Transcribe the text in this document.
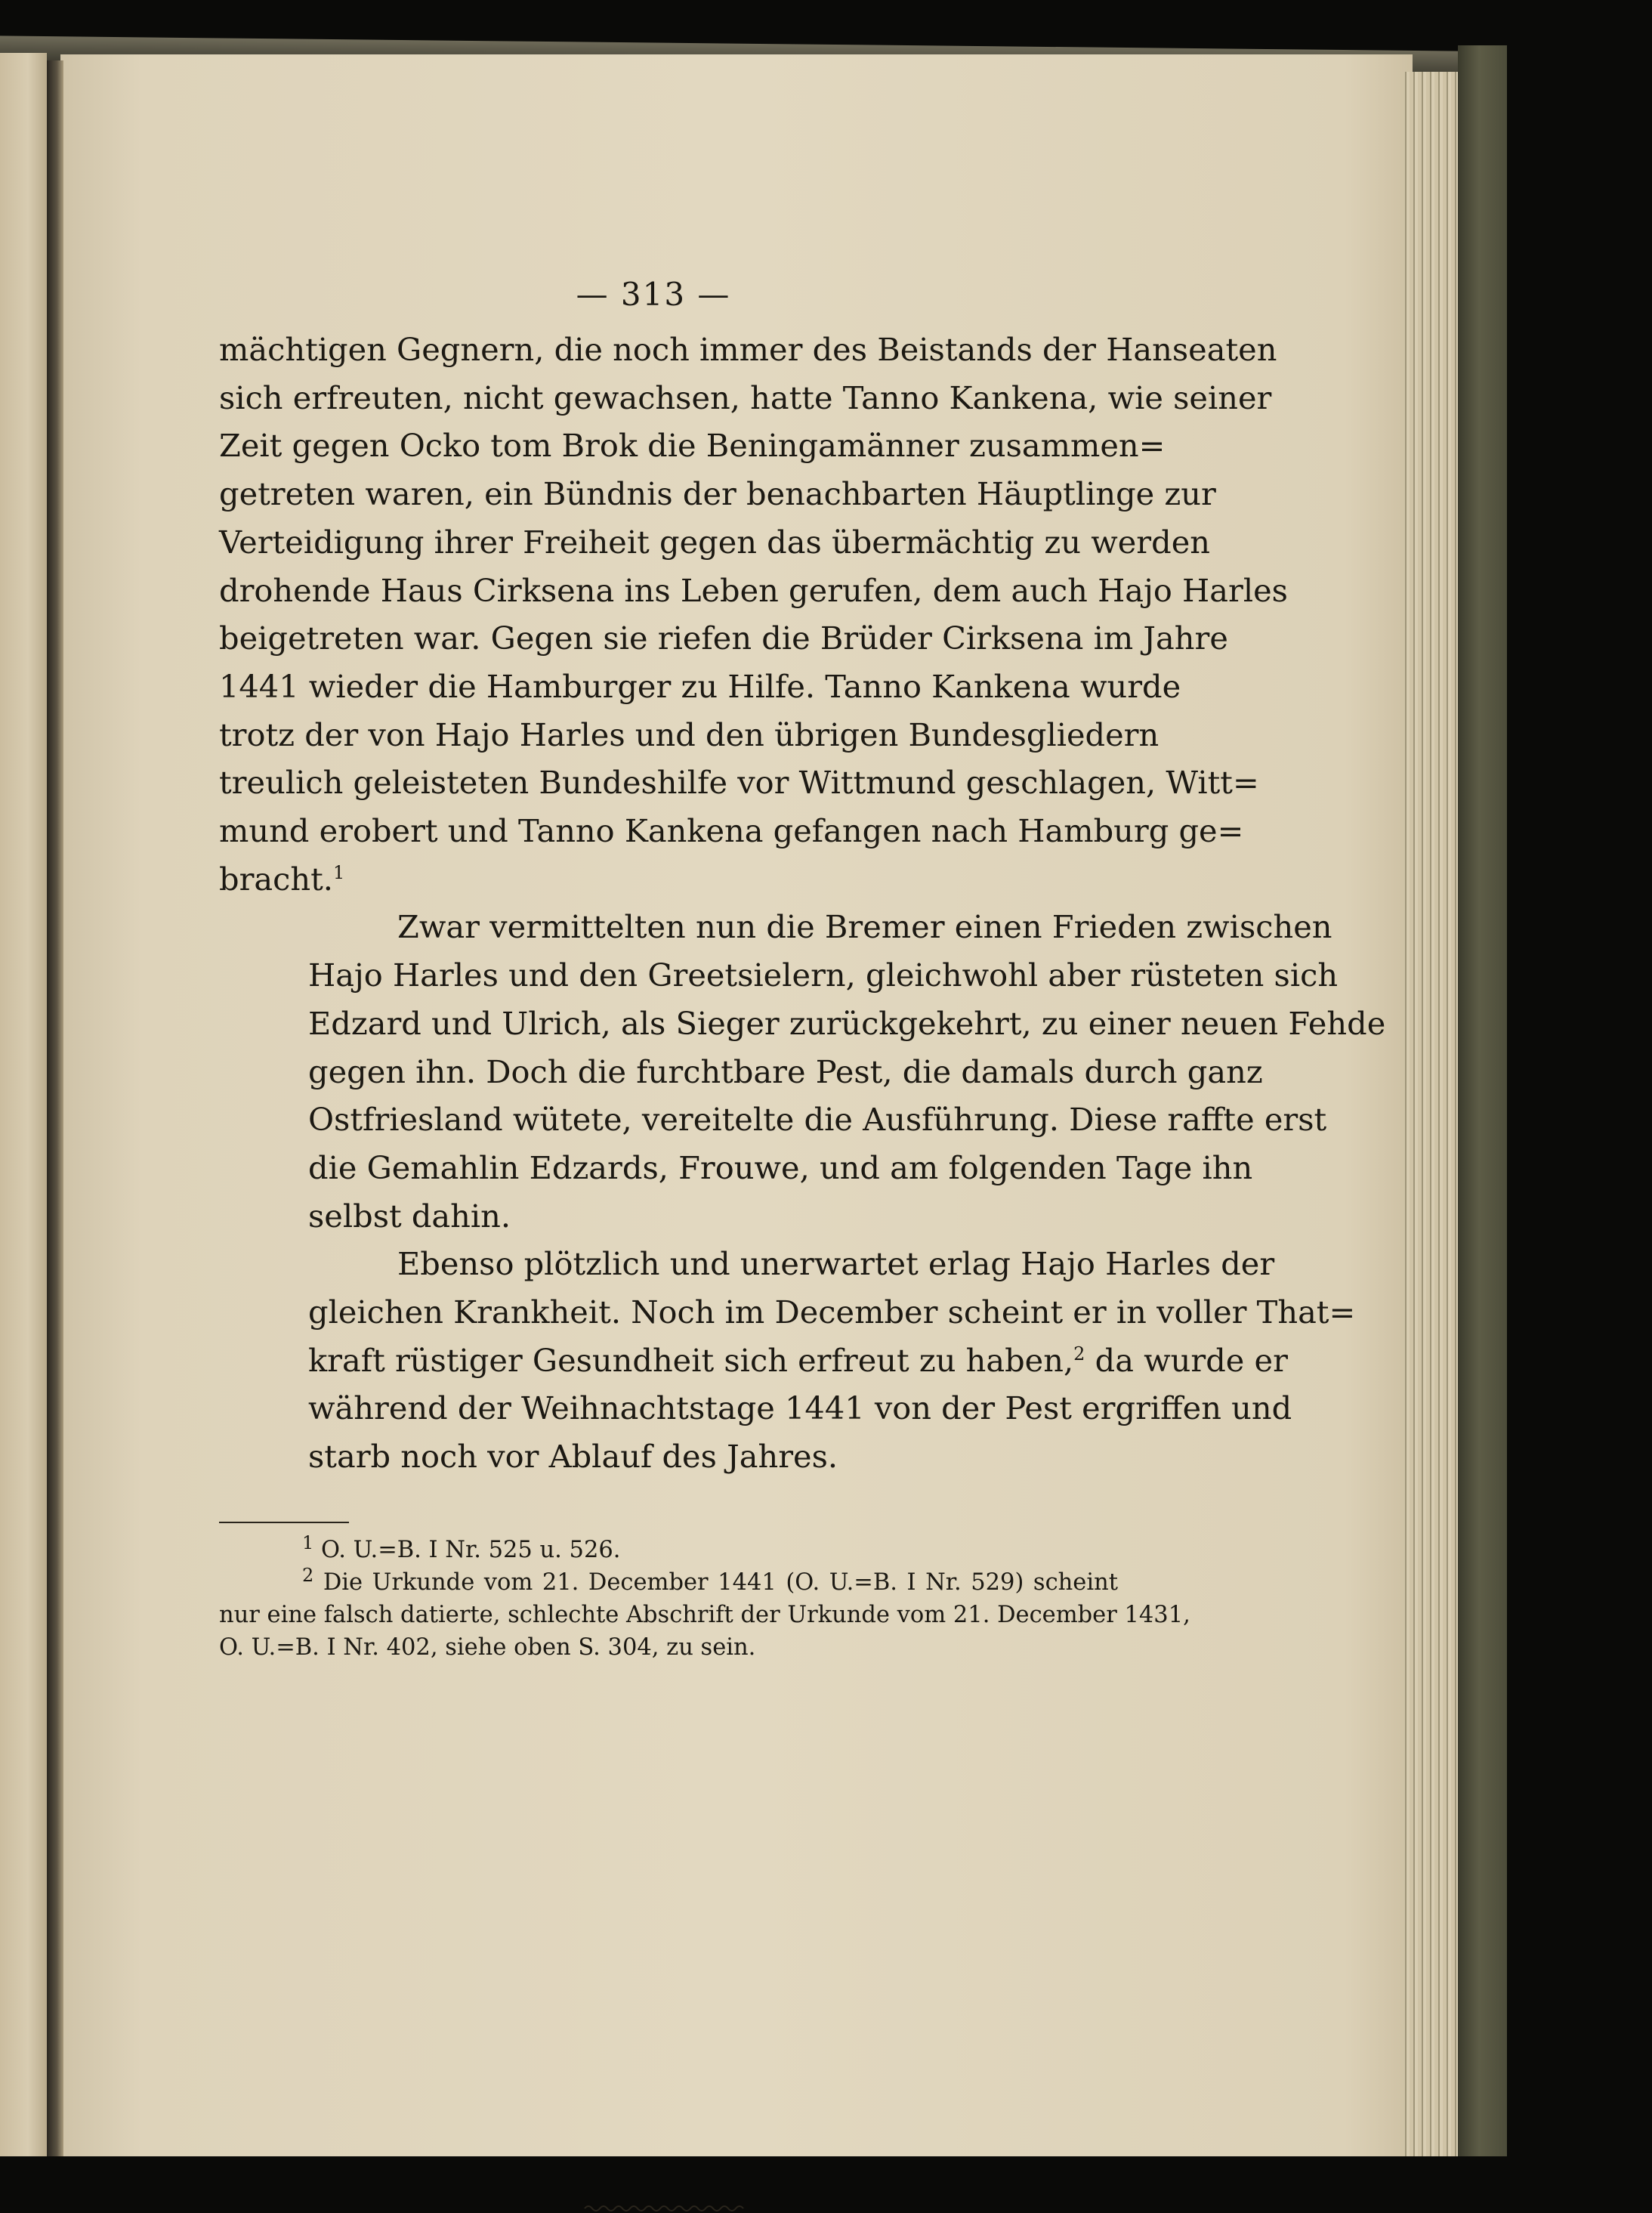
— 313 —

mächtigen Gegnern, die noch immer des Beistands der Hanseaten
sich erfreuten, nicht gewachsen, hatte Tanno Kankena, wie seiner
Zeit gegen Ocko tom Brok die Beningamänner zusammen=
getreten waren, ein Bündnis der benachbarten Häuptlinge zur
Verteidigung ihrer Freiheit gegen das übermächtig zu werden
drohende Haus Cirksena ins Leben gerufen, dem auch Hajo Harles
beigetreten war. Gegen sie riefen die Brüder Cirksena im Jahre
1441 wieder die Hamburger zu Hilfe. Tanno Kankena wurde
trotz der von Hajo Harles und den übrigen Bundesgliedern
treulich geleisteten Bundeshilfe vor Wittmund geschlagen, Witt=
mund erobert und Tanno Kankena gefangen nach Hamburg ge=
bracht.$^1$

Zwar vermittelten nun die Bremer einen Frieden zwischen
Hajo Harles und den Greetsielern, gleichwohl aber rüsteten sich
Edzard und Ulrich, als Sieger zurückgekehrt, zu einer neuen Fehde
gegen ihn. Doch die furchtbare Pest, die damals durch ganz
Ostfriesland wütete, vereitelte die Ausführung. Diese raffte erst
die Gemahlin Edzards, Frouwe, und am folgenden Tage ihn
selbst dahin.

Ebenso plötzlich und unerwartet erlag Hajo Harles der
gleichen Krankheit. Noch im December scheint er in voller That=
kraft rüstiger Gesundheit sich erfreut zu haben,$^2$ da wurde er
während der Weihnachtstage 1441 von der Pest ergriffen und
starb noch vor Ablauf des Jahres.

$^1$ O. U.=B. I Nr. 525 u. 526.
$^2$ Die Urkunde vom 21. December 1441 (O. U.=B. I Nr. 529) scheint
nur eine falsch datierte, schlechte Abschrift der Urkunde vom 21. December 1431,
O. U.=B. I Nr. 402, siehe oben S. 304, zu sein.
